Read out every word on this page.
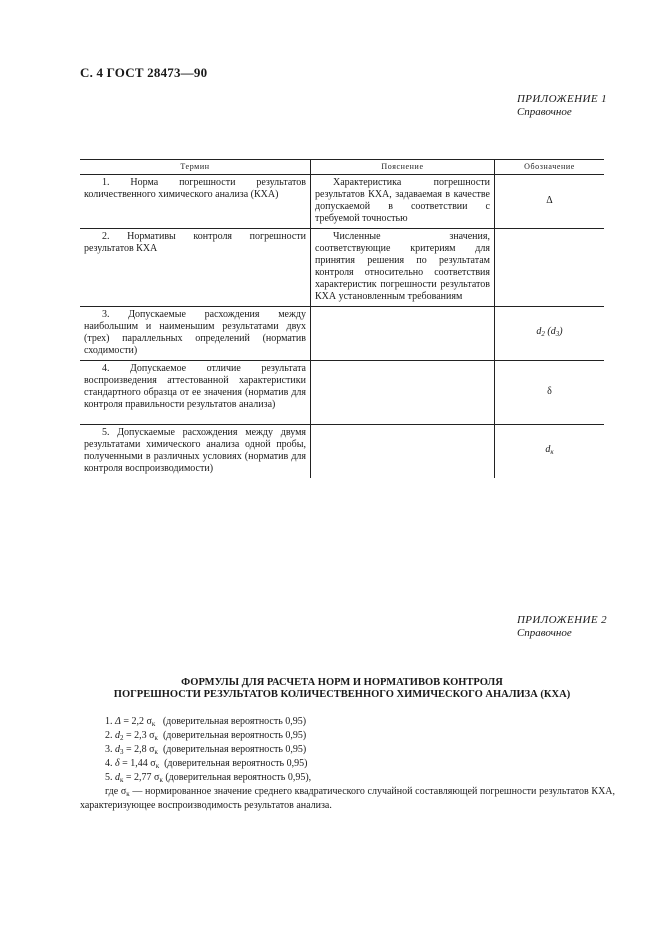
С. 4 ГОСТ 28473—90
ПРИЛОЖЕНИЕ 1
Справочное
Термин	Пояснение	Обозначение
1. Норма погрешности результатов количественного химического анализа (КХА)	Характеристика погрешности результатов КХА, задаваемая в качестве допускаемой в соответствии с требуемой точностью	Δ
2. Нормативы контроля погрешности результатов КХА	Численные значения, соответствующие критериям для принятия решения по результатам контроля относительно соответствия характеристик погрешности результатов КХА установленным требованиям	
3. Допускаемые расхождения между наибольшим и наименьшим результатами двух (трех) параллельных определений (норматив сходимости)		$d_2$ $(d_3)$
4. Допускаемое отличие результата воспроизведения аттестованной характеристики стандартного образца от ее значения (норматив для контроля правильности результатов анализа)		δ
5. Допускаемые расхождения между двумя результатами химического анализа одной пробы, полученными в различных условиях (норматив для контроля воспроизводимости)		$d_к$
ПРИЛОЖЕНИЕ 2
Справочное
ФОРМУЛЫ ДЛЯ РАСЧЕТА НОРМ И НОРМАТИВОВ КОНТРОЛЯ
ПОГРЕШНОСТИ РЕЗУЛЬТАТОВ КОЛИЧЕСТВЕННОГО ХИМИЧЕСКОГО АНАЛИЗА (КХА)
1. Δ = 2,2 $\sigma_к$ (доверительная вероятность 0,95)
2. $d_2 = 2,3$ $\sigma_к$ (доверительная вероятность 0,95)
3. $d_3 = 2,8$ $\sigma_к$ (доверительная вероятность 0,95)
4. δ = 1,44 $\sigma_к$ (доверительная вероятность 0,95)
5. $d_к = 2,77$ $\sigma_к$ (доверительная вероятность 0,95),
где $\sigma_к$ — нормированное значение среднего квадратического случайной составляющей погрешности результатов КХА, характеризующее воспроизводимость результатов анализа.
